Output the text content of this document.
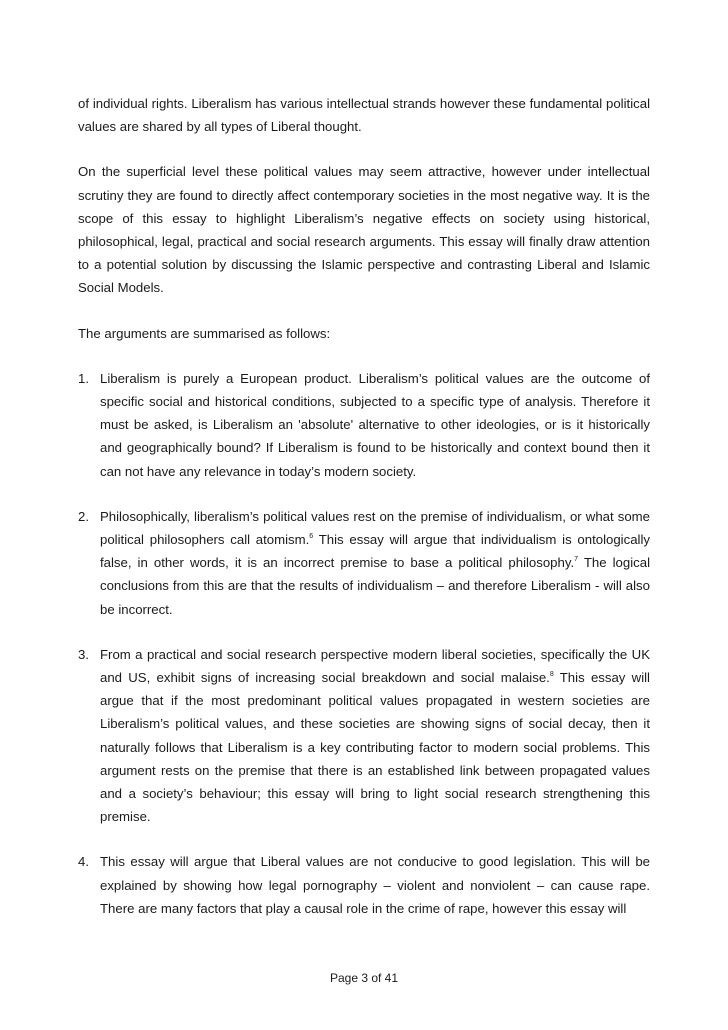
of individual rights. Liberalism has various intellectual strands however these fundamental political values are shared by all types of Liberal thought.

On the superficial level these political values may seem attractive, however under intellectual scrutiny they are found to directly affect contemporary societies in the most negative way. It is the scope of this essay to highlight Liberalism’s negative effects on society using historical, philosophical, legal, practical and social research arguments. This essay will finally draw attention to a potential solution by discussing the Islamic perspective and contrasting Liberal and Islamic Social Models.

The arguments are summarised as follows:

1. Liberalism is purely a European product. Liberalism’s political values are the outcome of specific social and historical conditions, subjected to a specific type of analysis. Therefore it must be asked, is Liberalism an 'absolute' alternative to other ideologies, or is it historically and geographically bound? If Liberalism is found to be historically and context bound then it can not have any relevance in today’s modern society.
2. Philosophically, liberalism’s political values rest on the premise of individualism, or what some political philosophers call atomism.$^6$ This essay will argue that individualism is ontologically false, in other words, it is an incorrect premise to base a political philosophy.$^7$ The logical conclusions from this are that the results of individualism – and therefore Liberalism - will also be incorrect.
3. From a practical and social research perspective modern liberal societies, specifically the UK and US, exhibit signs of increasing social breakdown and social malaise.$^8$ This essay will argue that if the most predominant political values propagated in western societies are Liberalism’s political values, and these societies are showing signs of social decay, then it naturally follows that Liberalism is a key contributing factor to modern social problems. This argument rests on the premise that there is an established link between propagated values and a society’s behaviour; this essay will bring to light social research strengthening this premise.
4. This essay will argue that Liberal values are not conducive to good legislation. This will be explained by showing how legal pornography – violent and nonviolent – can cause rape. There are many factors that play a causal role in the crime of rape, however this essay will
Page 3 of 41
